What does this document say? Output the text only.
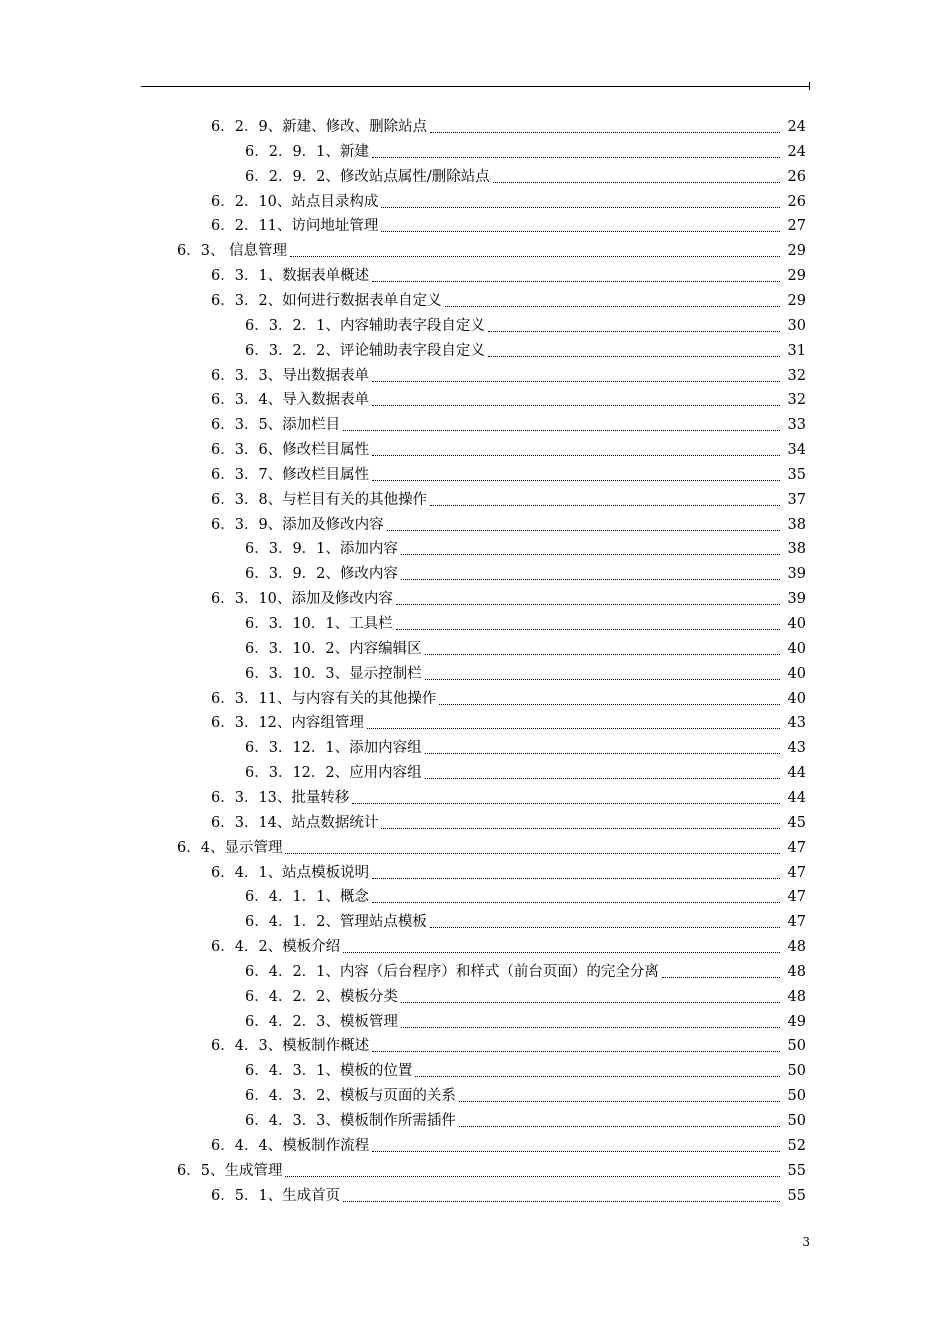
6．2．9、新建、修改、删除站点	24
6．2．9．1、新建	24
6．2．9．2、修改站点属性/删除站点	26
6．2．10、站点目录构成	26
6．2．11、访问地址管理	27
6．3、 信息管理	29
6．3．1、数据表单概述	29
6．3．2、如何进行数据表单自定义	29
6．3．2．1、内容辅助表字段自定义	30
6．3．2．2、评论辅助表字段自定义	31
6．3．3、导出数据表单	32
6．3．4、导入数据表单	32
6．3．5、添加栏目	33
6．3．6、修改栏目属性	34
6．3．7、修改栏目属性	35
6．3．8、与栏目有关的其他操作	37
6．3．9、添加及修改内容	38
6．3．9．1、添加内容	38
6．3．9．2、修改内容	39
6．3．10、添加及修改内容	39
6．3．10．1、工具栏	40
6．3．10．2、内容编辑区	40
6．3．10．3、显示控制栏	40
6．3．11、与内容有关的其他操作	40
6．3．12、内容组管理	43
6．3．12．1、添加内容组	43
6．3．12．2、应用内容组	44
6．3．13、批量转移	44
6．3．14、站点数据统计	45
6．4、显示管理	47
6．4．1、站点模板说明	47
6．4．1．1、概念	47
6．4．1．2、管理站点模板	47
6．4．2、模板介绍	48
6．4．2．1、内容（后台程序）和样式（前台页面）的完全分离	48
6．4．2．2、模板分类	48
6．4．2．3、模板管理	49
6．4．3、模板制作概述	50
6．4．3．1、模板的位置	50
6．4．3．2、模板与页面的关系	50
6．4．3．3、模板制作所需插件	50
6．4．4、模板制作流程	52
6．5、生成管理	55
6．5．1、生成首页	55
3
